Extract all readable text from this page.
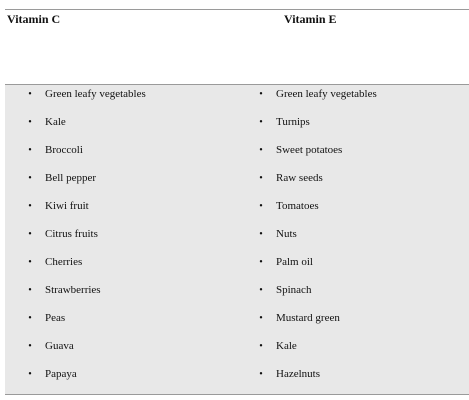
Vitamin C	Vitamin E
• Green leafy vegetables
• Kale
• Broccoli
• Bell pepper
• Kiwi fruit
• Citrus fruits
• Cherries
• Strawberries
• Peas
• Guava
• Papaya
• Green leafy vegetables
• Turnips
• Sweet potatoes
• Raw seeds
• Tomatoes
• Nuts
• Palm oil
• Spinach
• Mustard green
• Kale
• Hazelnuts
